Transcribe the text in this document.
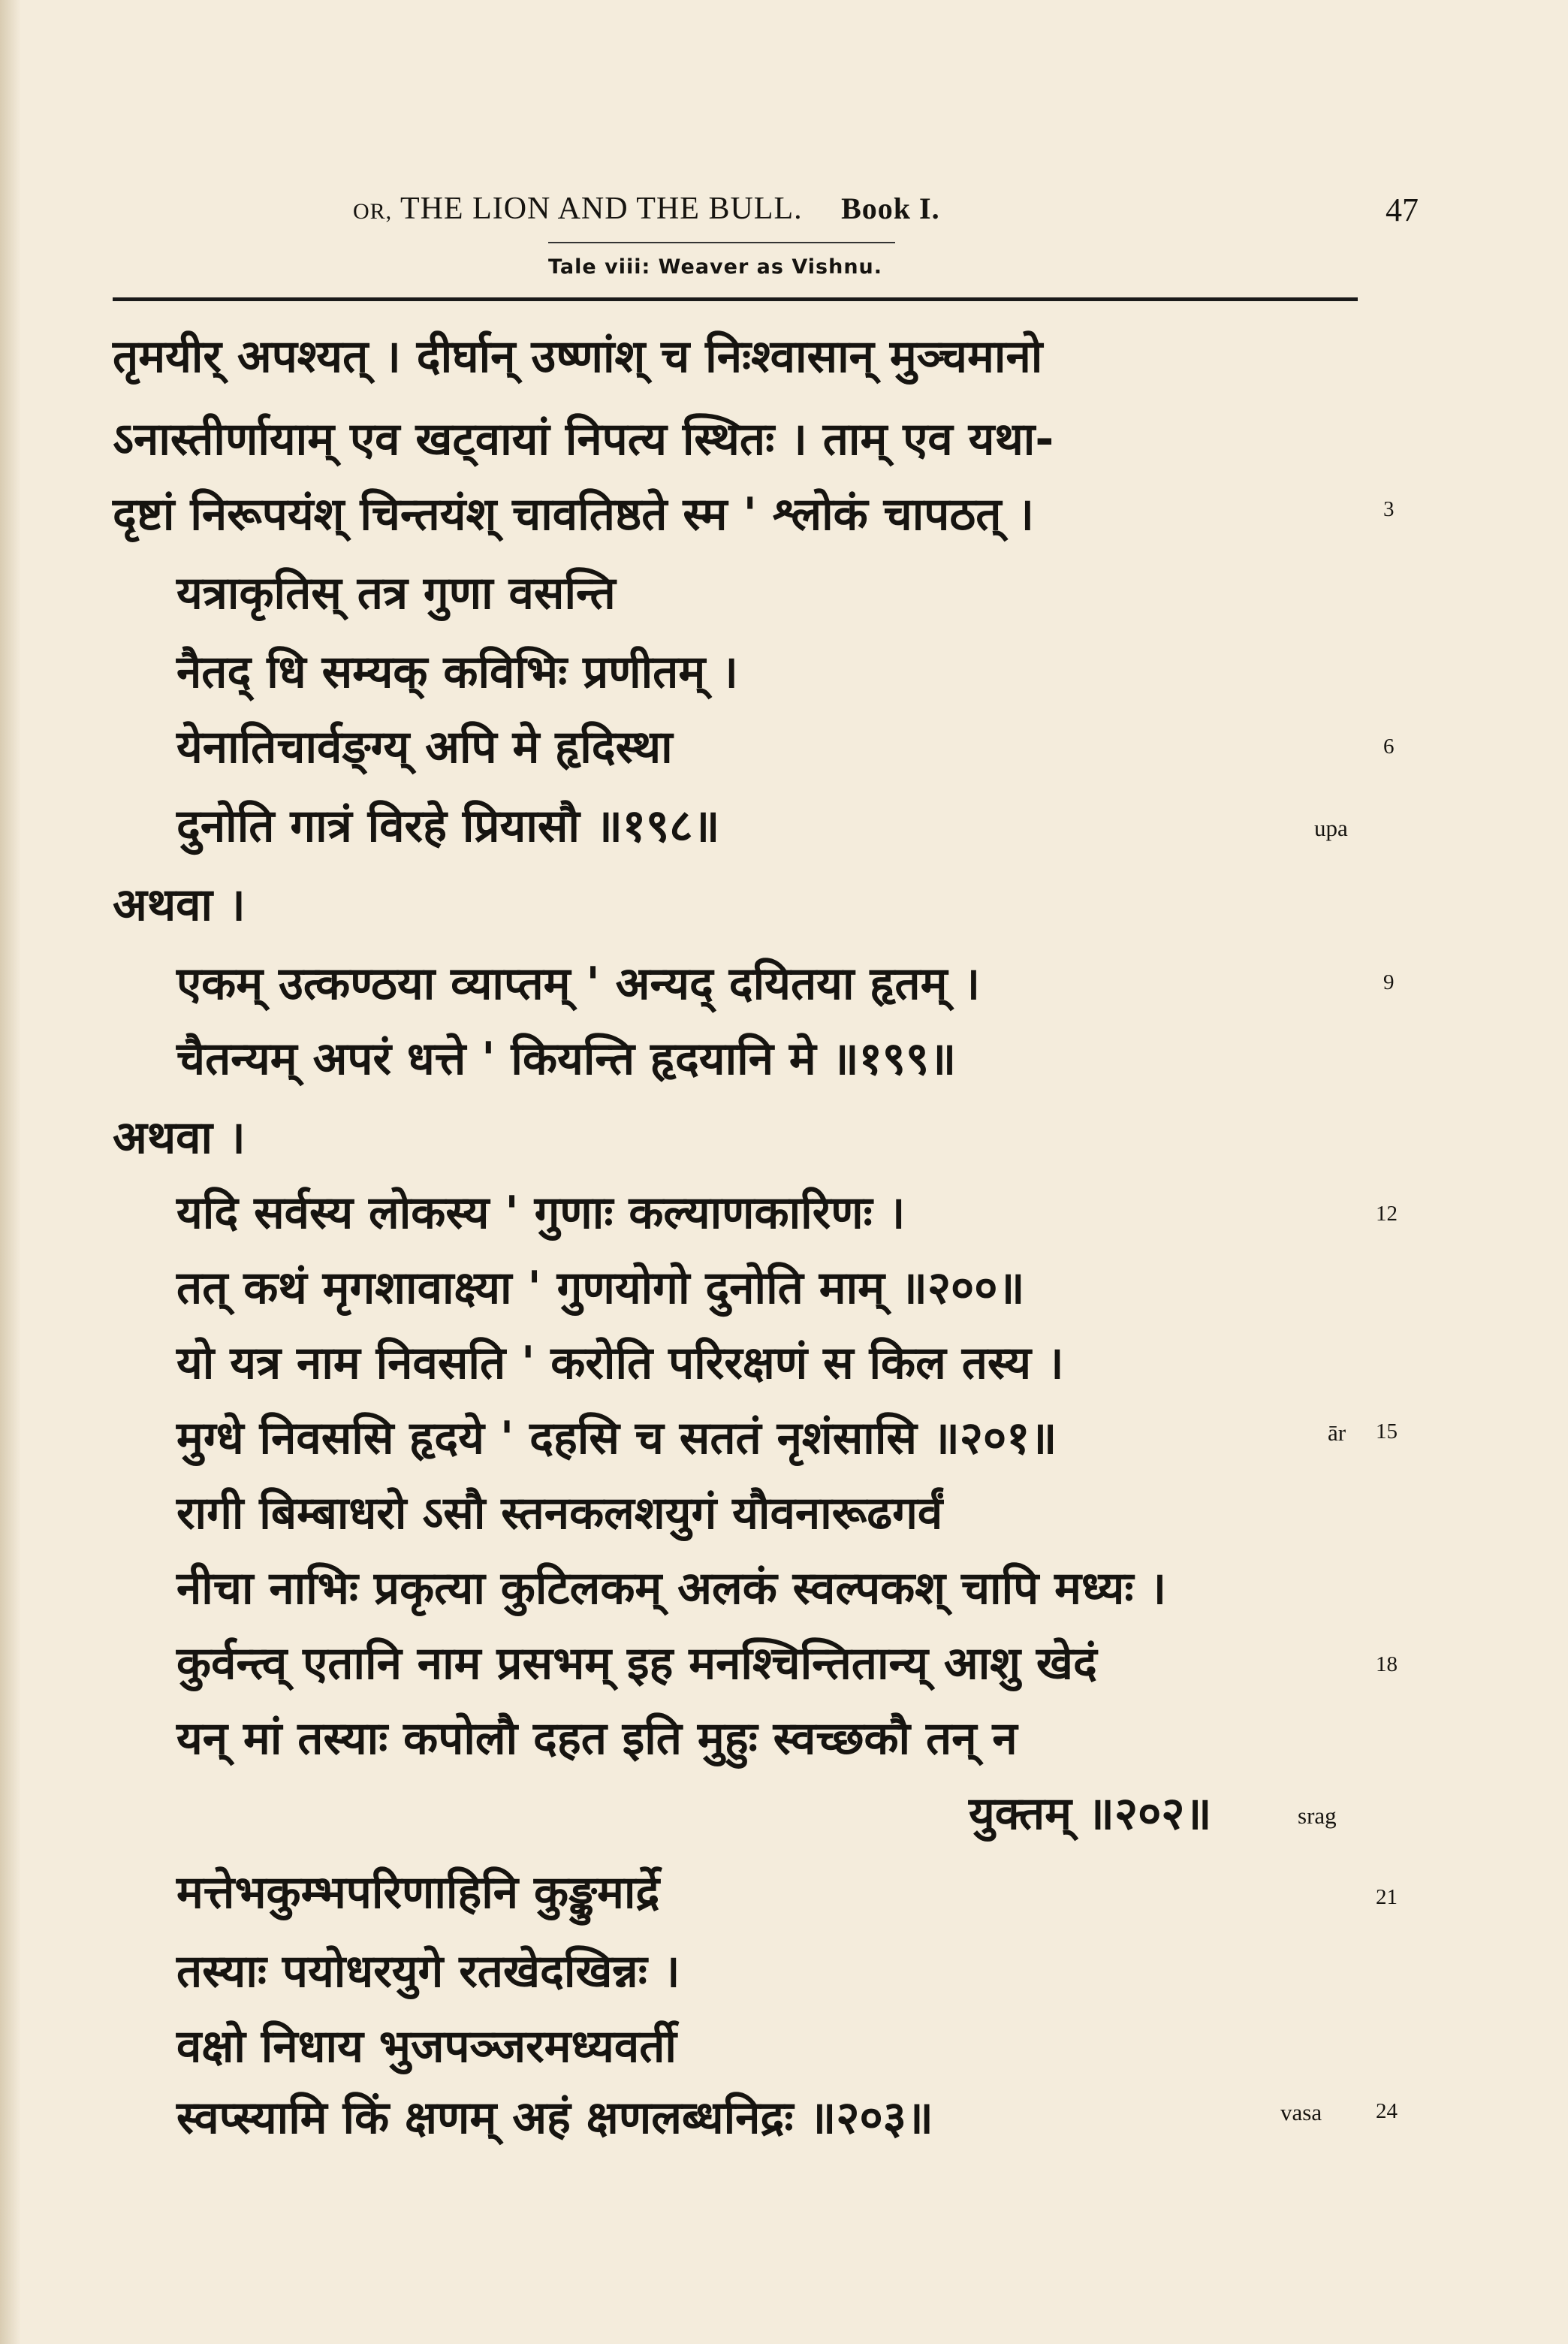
OR, THE LION AND THE BULL. Book I.	47
Tale viii: Weaver as Vishnu.
तृमयीर् अपश्यत् । दीर्घान् उष्णांश् च निःश्वासान् मुञ्चमानो
ऽनास्तीर्णायाम् एव खट्वायां निपत्य स्थितः । ताम् एव यथा-
दृष्टां निरूपयंश् चिन्तयंश् चावतिष्ठते स्म ' श्लोकं चापठत् ।
यत्राकृतिस् तत्र गुणा वसन्ति
नैतद् धि सम्यक् कविभिः प्रणीतम् ।
येनातिचार्वङ्ग्य् अपि मे हृदिस्था
दुनोति गात्रं विरहे प्रियासौ ॥१९८॥
अथवा ।
एकम् उत्कण्ठया व्याप्तम् ' अन्यद् दयितया हृतम् ।
चैतन्यम् अपरं धत्ते ' कियन्ति हृदयानि मे ॥१९९॥
अथवा ।
यदि सर्वस्य लोकस्य ' गुणाः कल्याणकारिणः ।
तत् कथं मृगशावाक्ष्या ' गुणयोगो दुनोति माम् ॥२००॥
यो यत्र नाम निवसति ' करोति परिरक्षणं स किल तस्य ।
मुग्धे निवससि हृदये ' दहसि च सततं नृशंसासि ॥२०१॥
रागी बिम्बाधरो ऽसौ स्तनकलशयुगं यौवनारूढगर्वं
नीचा नाभिः प्रकृत्या कुटिलकम् अलकं स्वल्पकश् चापि मध्यः ।
कुर्वन्त्व् एतानि नाम प्रसभम् इह मनश्चिन्तितान्य् आशु खेदं
यन् मां तस्याः कपोलौ दहत इति मुहुः स्वच्छकौ तन् न
युक्तम् ॥२०२॥
मत्तेभकुम्भपरिणाहिनि कुङ्कुमार्द्रे
तस्याः पयोधरयुगे रतखेदखिन्नः ।
वक्षो निधाय भुजपञ्जरमध्यवर्ती
स्वप्स्यामि किं क्षणम् अहं क्षणलब्धनिद्रः ॥२०३॥
3
6
9
12
15
18
21
24
upa
ār
srag
vasa
